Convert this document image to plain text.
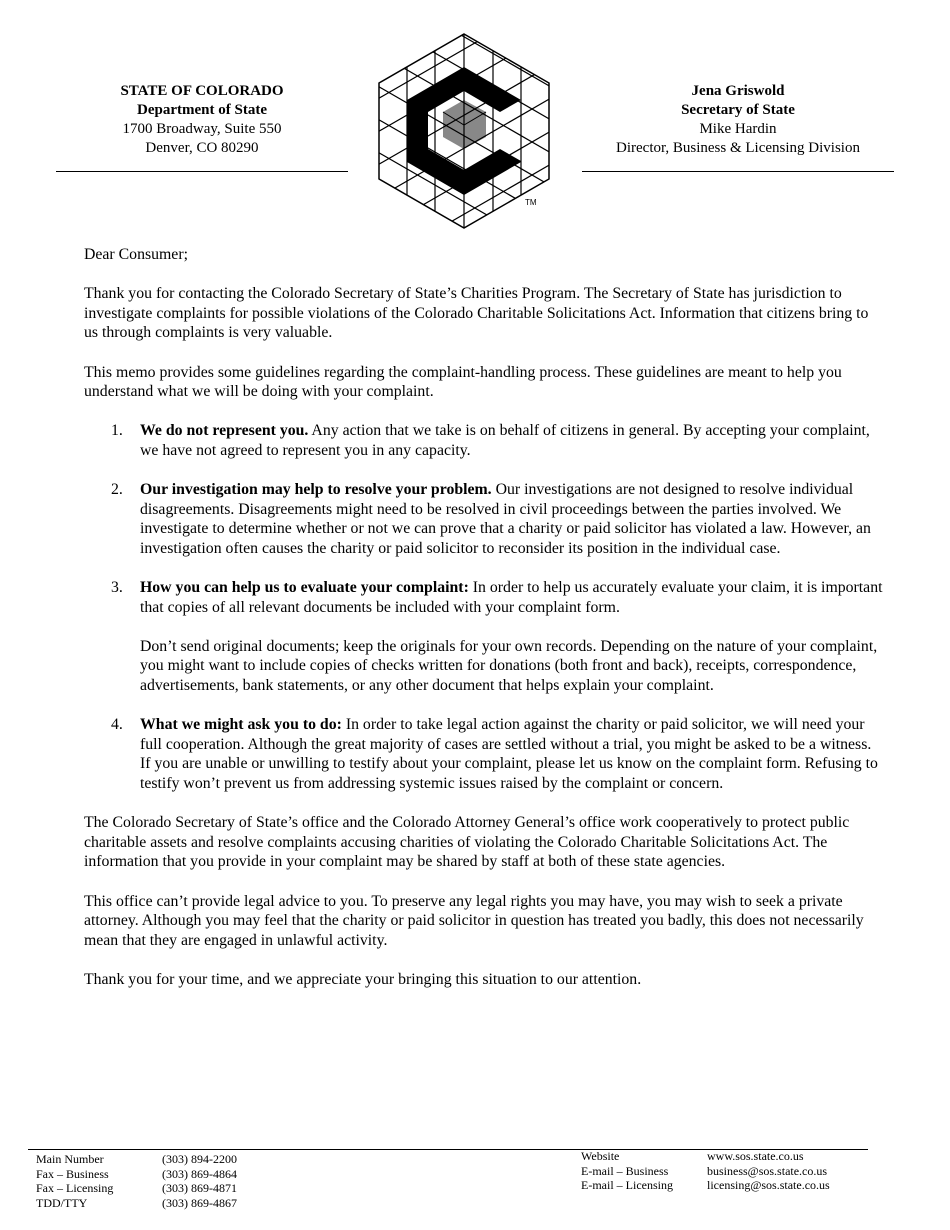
STATE OF COLORADO
Department of State
1700 Broadway, Suite 550
Denver, CO 80290
TM
Jena Griswold
Secretary of State
Mike Hardin
Director, Business & Licensing Division

Dear Consumer;

Thank you for contacting the Colorado Secretary of State’s Charities Program. The Secretary of State has jurisdiction to investigate complaints for possible violations of the Colorado Charitable Solicitations Act. Information that citizens bring to us through complaints is very valuable.

This memo provides some guidelines regarding the complaint-handling process. These guidelines are meant to help you understand what we will be doing with your complaint.

1. We do not represent you. Any action that we take is on behalf of citizens in general. By accepting your complaint, we have not agreed to represent you in any capacity.

2. Our investigation may help to resolve your problem. Our investigations are not designed to resolve individual disagreements. Disagreements might need to be resolved in civil proceedings between the parties involved. We investigate to determine whether or not we can prove that a charity or paid solicitor has violated a law. However, an investigation often causes the charity or paid solicitor to reconsider its position in the individual case.

3. How you can help us to evaluate your complaint: In order to help us accurately evaluate your claim, it is important that copies of all relevant documents be included with your complaint form.

Don’t send original documents; keep the originals for your own records. Depending on the nature of your complaint, you might want to include copies of checks written for donations (both front and back), receipts, correspondence, advertisements, bank statements, or any other document that helps explain your complaint.

4. What we might ask you to do: In order to take legal action against the charity or paid solicitor, we will need your full cooperation. Although the great majority of cases are settled without a trial, you might be asked to be a witness. If you are unable or unwilling to testify about your complaint, please let us know on the complaint form. Refusing to testify won’t prevent us from addressing systemic issues raised by the complaint or concern.

The Colorado Secretary of State’s office and the Colorado Attorney General’s office work cooperatively to protect public charitable assets and resolve complaints accusing charities of violating the Colorado Charitable Solicitations Act. The information that you provide in your complaint may be shared by staff at both of these state agencies.

This office can’t provide legal advice to you. To preserve any legal rights you may have, you may wish to seek a private attorney. Although you may feel that the charity or paid solicitor in question has treated you badly, this does not necessarily mean that they are engaged in unlawful activity.

Thank you for your time, and we appreciate your bringing this situation to our attention.

Main Number	(303) 894-2200
Fax – Business	(303) 869-4864
Fax – Licensing	(303) 869-4871
TDD/TTY	(303) 869-4867
Website	www.sos.state.co.us
E-mail – Business	business@sos.state.co.us
E-mail – Licensing	licensing@sos.state.co.us
